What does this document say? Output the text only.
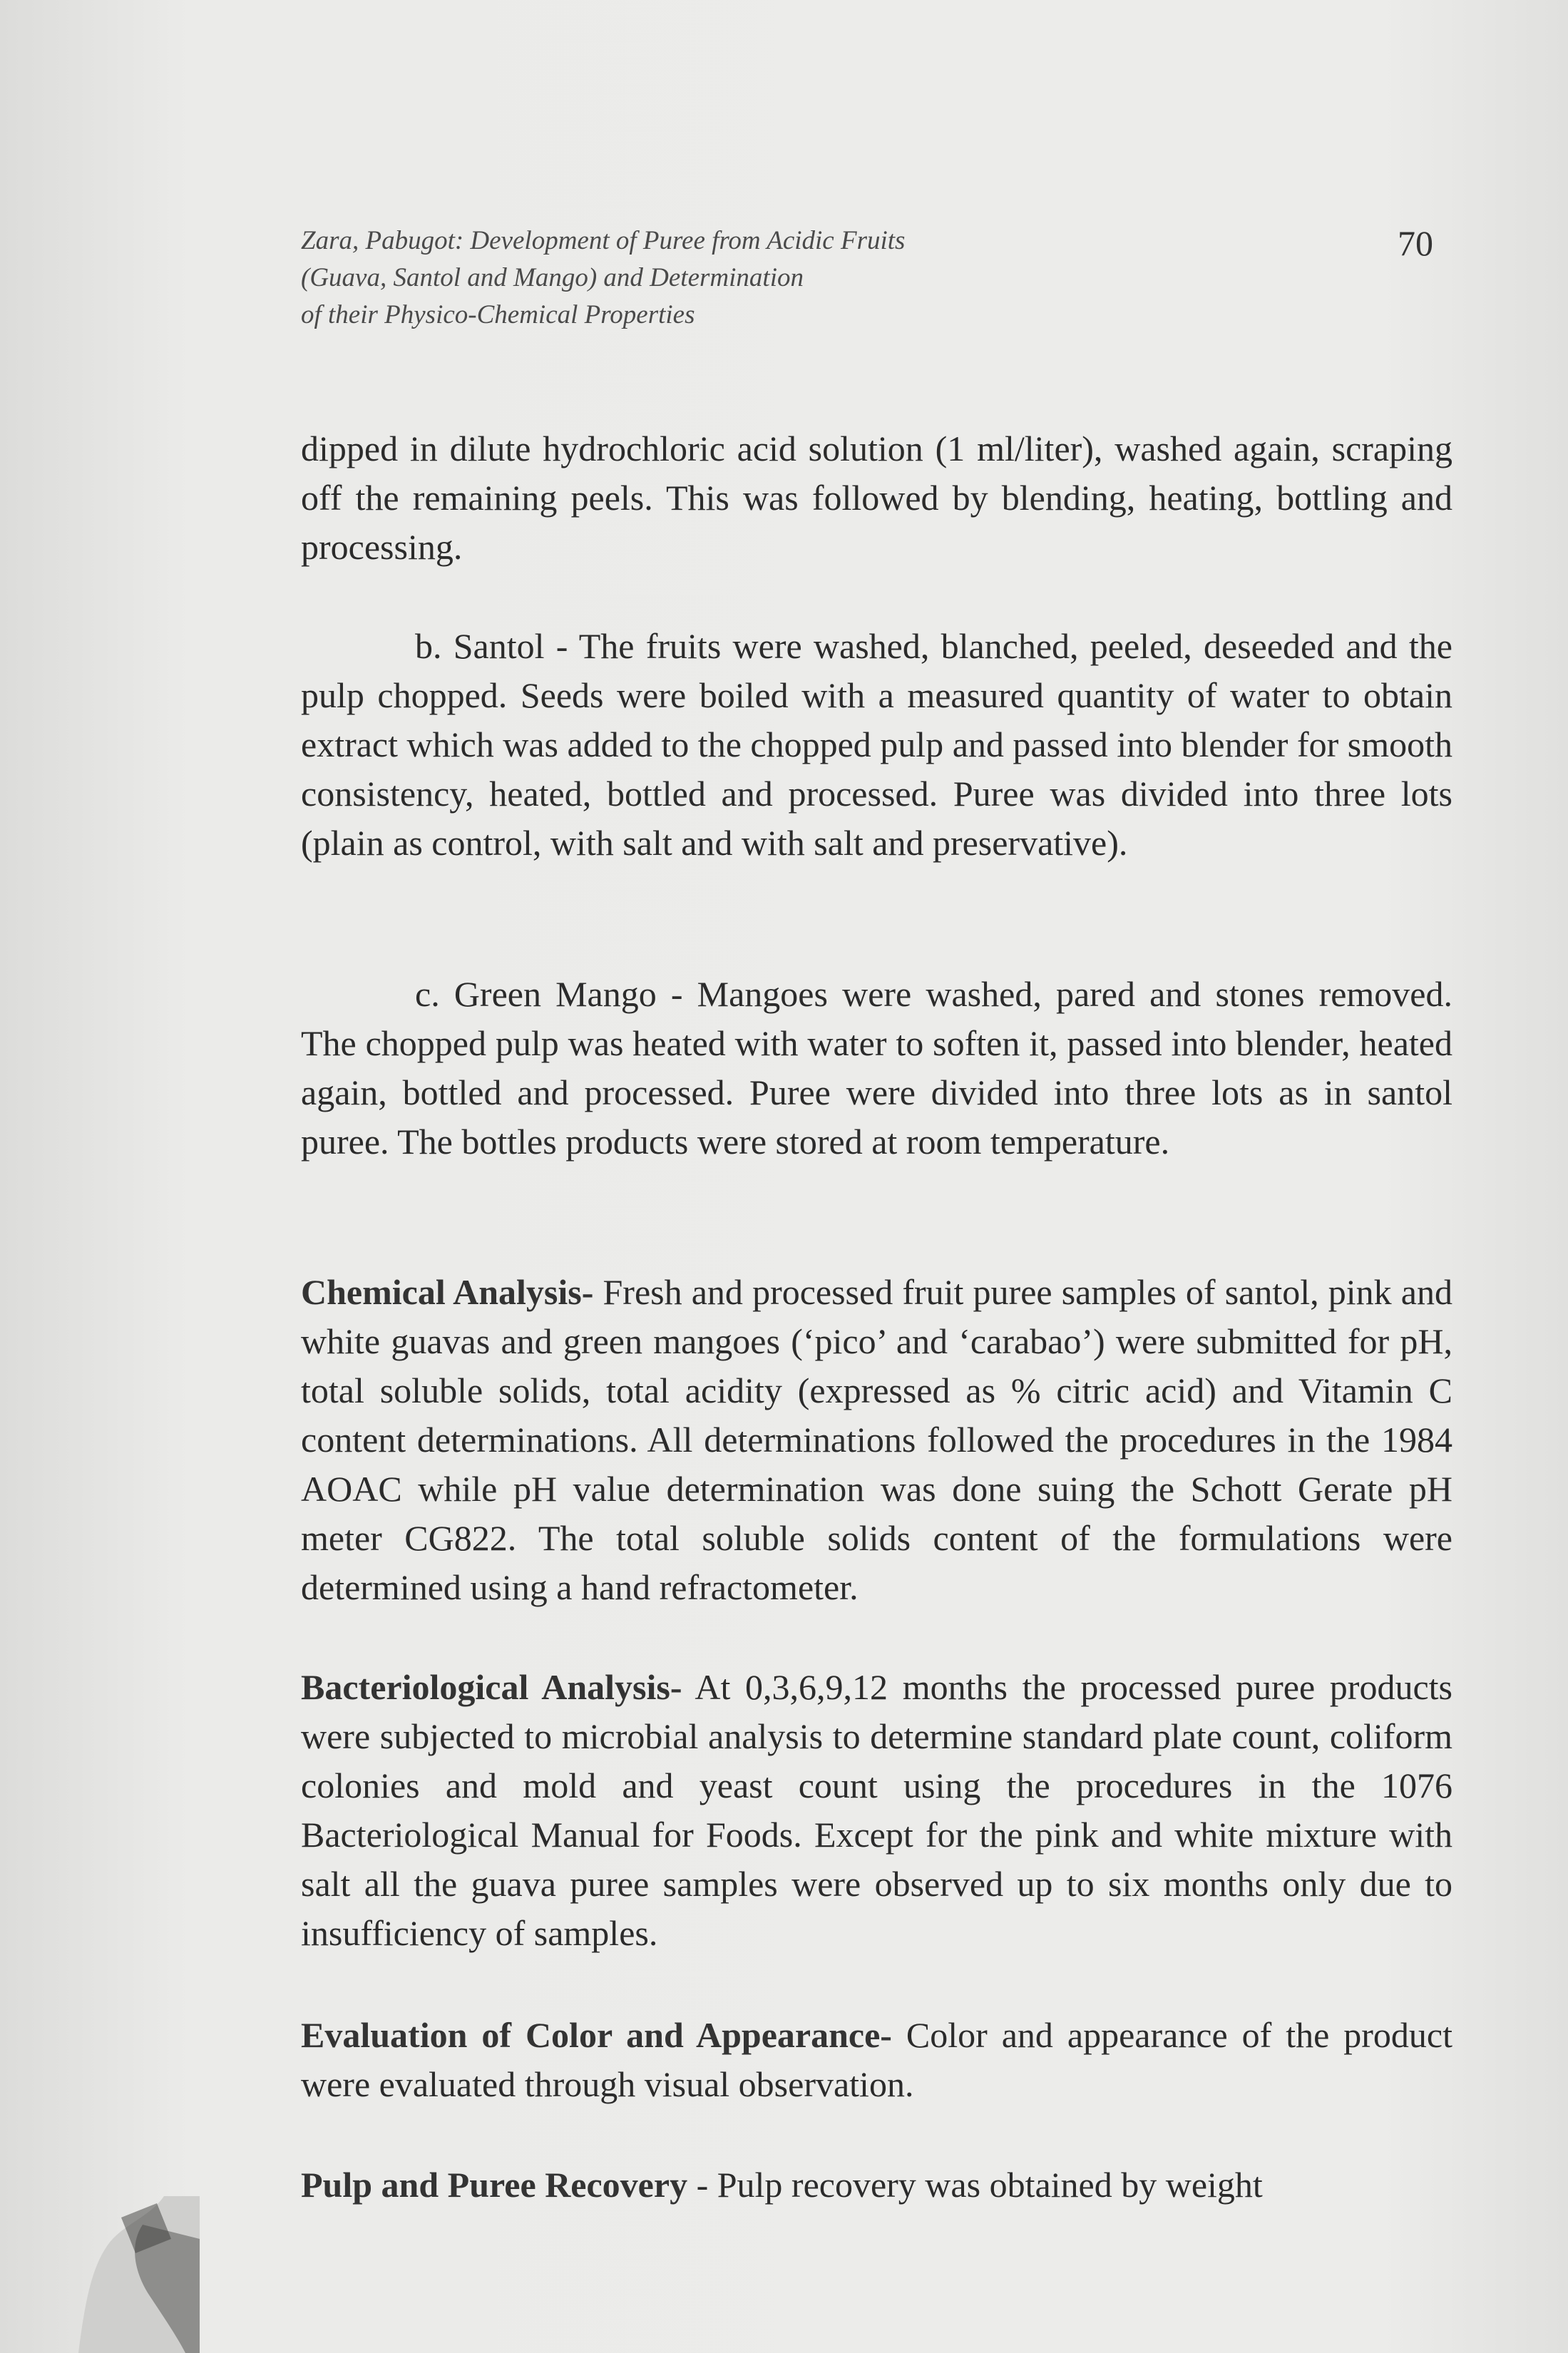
Zara, Pabugot: Development of Puree from Acidic Fruits
(Guava, Santol and Mango) and Determination
of their Physico-Chemical Properties
70

dipped in dilute hydrochloric acid solution (1 ml/liter), washed again, scraping off the remaining peels. This was followed by blending, heating, bottling and processing.

b. Santol - The fruits were washed, blanched, peeled, deseeded and the pulp chopped. Seeds were boiled with a measured quantity of water to obtain extract which was added to the chopped pulp and passed into blender for smooth consistency, heated, bottled and processed. Puree was divided into three lots (plain as control, with salt and with salt and preservative).

c. Green Mango - Mangoes were washed, pared and stones removed. The chopped pulp was heated with water to soften it, passed into blender, heated again, bottled and processed. Puree were divided into three lots as in santol puree. The bottles products were stored at room temperature.

Chemical Analysis- Fresh and processed fruit puree samples of santol, pink and white guavas and green mangoes (‘pico’ and ‘carabao’) were submitted for pH, total soluble solids, total acidity (expressed as % citric acid) and Vitamin C content determinations. All determinations followed the procedures in the 1984 AOAC while pH value determination was done suing the Schott Gerate pH meter CG822. The total soluble solids content of the formulations were determined using a hand refractometer.

Bacteriological Analysis- At 0,3,6,9,12 months the processed puree products were subjected to microbial analysis to determine standard plate count, coliform colonies and mold and yeast count using the procedures in the 1076 Bacteriological Manual for Foods. Except for the pink and white mixture with salt all the guava puree samples were observed up to six months only due to insufficiency of samples.

Evaluation of Color and Appearance- Color and appearance of the product were evaluated through visual observation.

Pulp and Puree Recovery - Pulp recovery was obtained by weight
